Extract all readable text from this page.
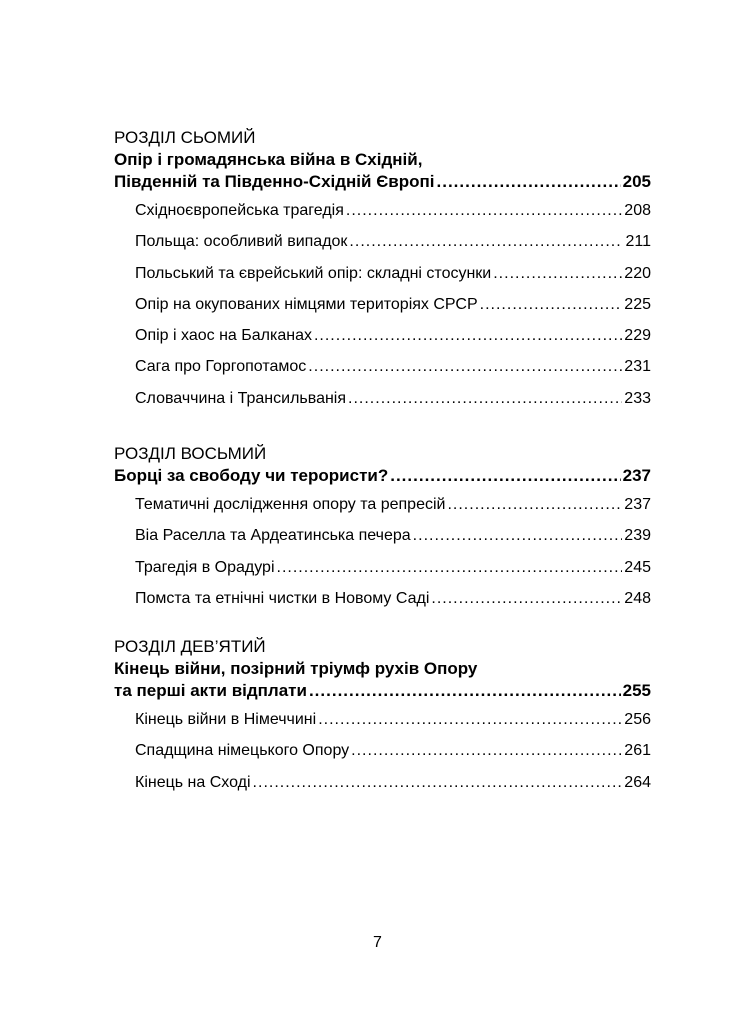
РОЗДІЛ СЬОМИЙ
Опір і громадянська війна в Східній,
Південній та Південно-Східній Європі .....	205
Східноєвропейська трагедія .....	208
Польща: особливий випадок .....	211
Польський та єврейський опір: складні стосунки .....	220
Опір на окупованих німцями територіях СРСР .....	225
Опір і хаос на Балканах .....	229
Сага про Горгопотамос .....	231
Словаччина і Трансильванія .....	233
РОЗДІЛ ВОСЬМИЙ
Борці за свободу чи терористи? .....	237
Тематичні дослідження опору та репресій .....	237
Віа Раселла та Ардеатинська печера .....	239
Трагедія в Орадурі .....	245
Помста та етнічні чистки в Новому Саді .....	248
РОЗДІЛ ДЕВ’ЯТИЙ
Кінець війни, позірний тріумф рухів Опору
та перші акти відплати .....	255
Кінець війни в Німеччині .....	256
Спадщина німецького Опору .....	261
Кінець на Сході .....	264
7
